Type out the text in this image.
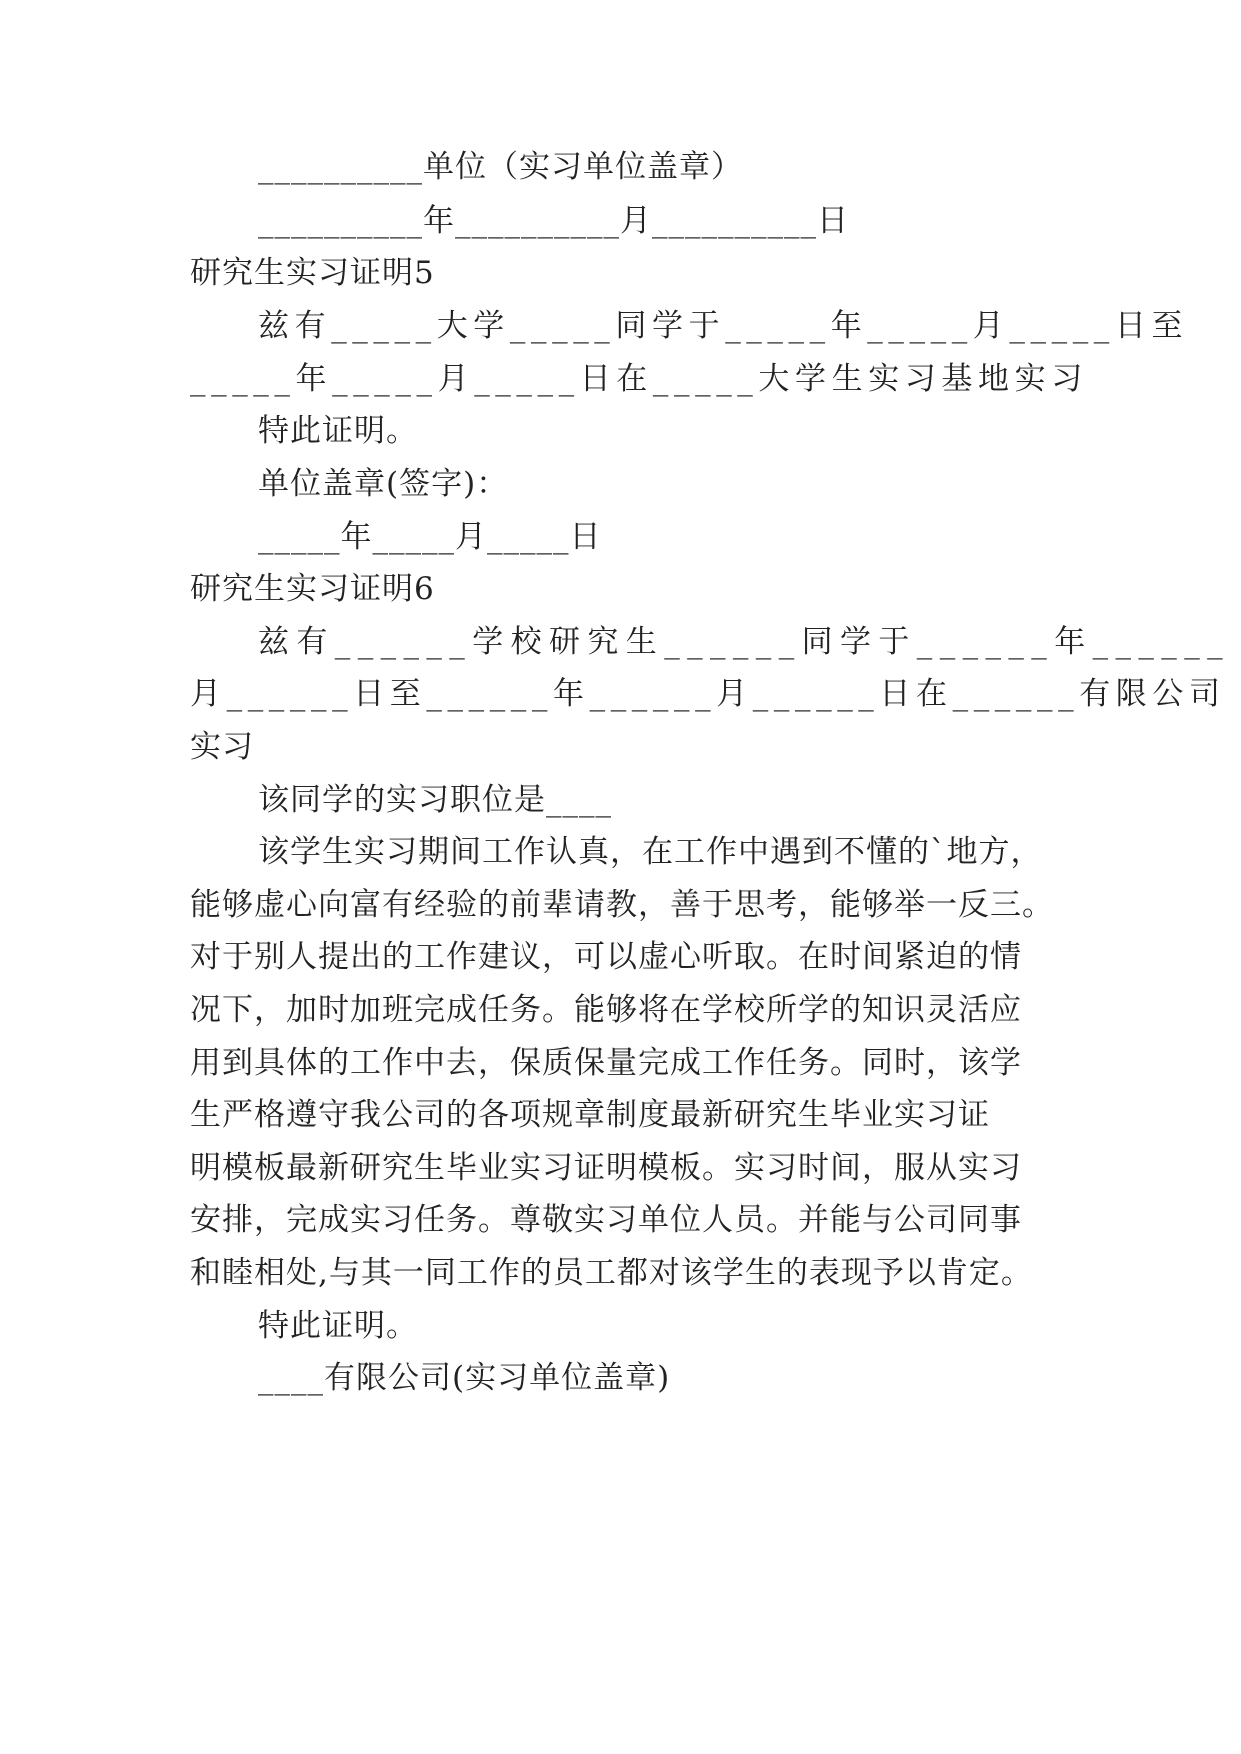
__________单位（实习单位盖章）
__________年__________月__________日
研究生实习证明5
兹有_____大学_____同学于_____年_____月_____日至
_____年_____月_____日在_____大学生实习基地实习
特此证明。
单位盖章(签字)：
_____年_____月_____日
研究生实习证明6
兹有______学校研究生______同学于______年______
月______日至______年______月______日在______有限公司
实习
该同学的实习职位是____
该学生实习期间工作认真，在工作中遇到不懂的`地方，
能够虚心向富有经验的前辈请教，善于思考，能够举一反三。
对于别人提出的工作建议，可以虚心听取。在时间紧迫的情
况下，加时加班完成任务。能够将在学校所学的知识灵活应
用到具体的工作中去，保质保量完成工作任务。同时，该学
生严格遵守我公司的各项规章制度最新研究生毕业实习证
明模板最新研究生毕业实习证明模板。实习时间，服从实习
安排，完成实习任务。尊敬实习单位人员。并能与公司同事
和睦相处,与其一同工作的员工都对该学生的表现予以肯定。
特此证明。
____有限公司(实习单位盖章)
